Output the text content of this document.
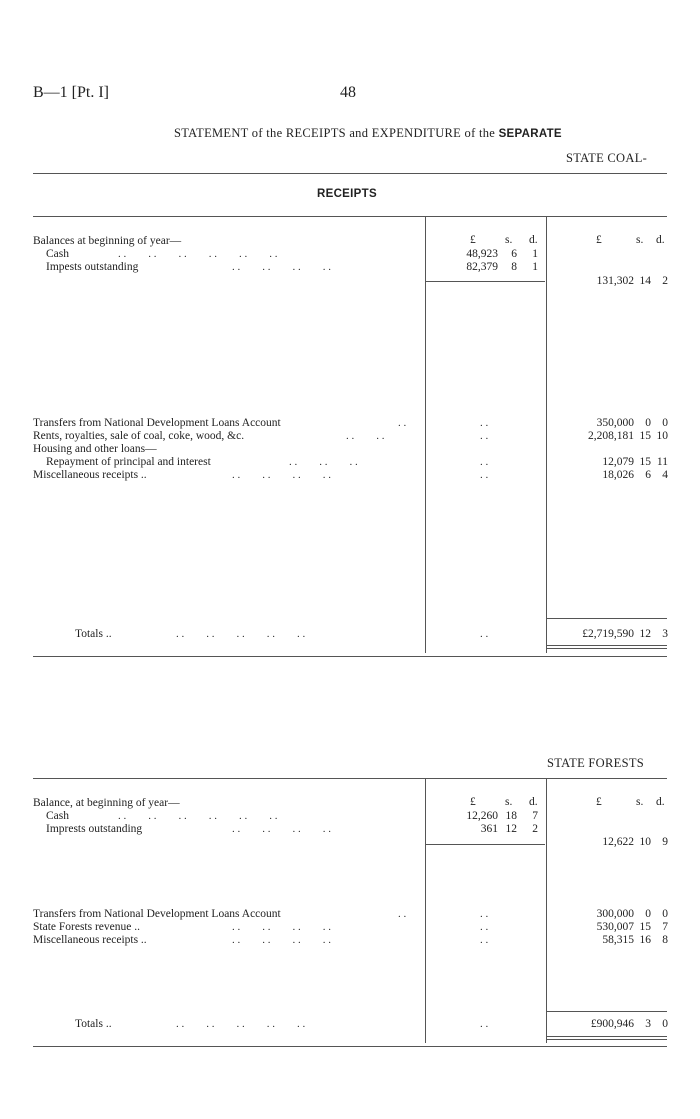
B—1 [Pt. I]	48
STATEMENT of the RECEIPTS and EXPENDITURE of the SEPARATE
STATE COAL-
RECEIPTS
£	s. d.	£	s. d.
Balances at beginning of year—
Cash	. .        . .        . .        . .        . .        . .	48,923	6	1
Impests outstanding	. .        . .        . .        . .	82,379	8	1
131,302 14 2
Transfers from National Development Loans Account	. .	. .	350,000 0 0
Rents, royalties, sale of coal, coke, wood, &c.	. .        . .	. .	2,208,181 15 10
Housing and other loans—
Repayment of principal and interest	. .        . .        . .	. .	12,079 15 11
Miscellaneous receipts ..	. .        . .        . .        . .	. .	18,026 6 4
Totals ..	. .        . .        . .        . .        . .	. .	£2,719,590 12 3
STATE FORESTS
£	s. d.	£	s. d.
Balance, at beginning of year—
Cash	. .        . .        . .        . .        . .        . .	12,260 18	7
Imprests outstanding	. .        . .        . .        . .	361 12	2
12,622 10 9
Transfers from National Development Loans Account	. .	. .	300,000 0 0
State Forests revenue ..	. .        . .        . .        . .	. .	530,007 15 7
Miscellaneous receipts ..	. .        . .        . .        . .	. .	58,315 16 8
Totals ..	. .        . .        . .        . .        . .	. .	£900,946 3 0
